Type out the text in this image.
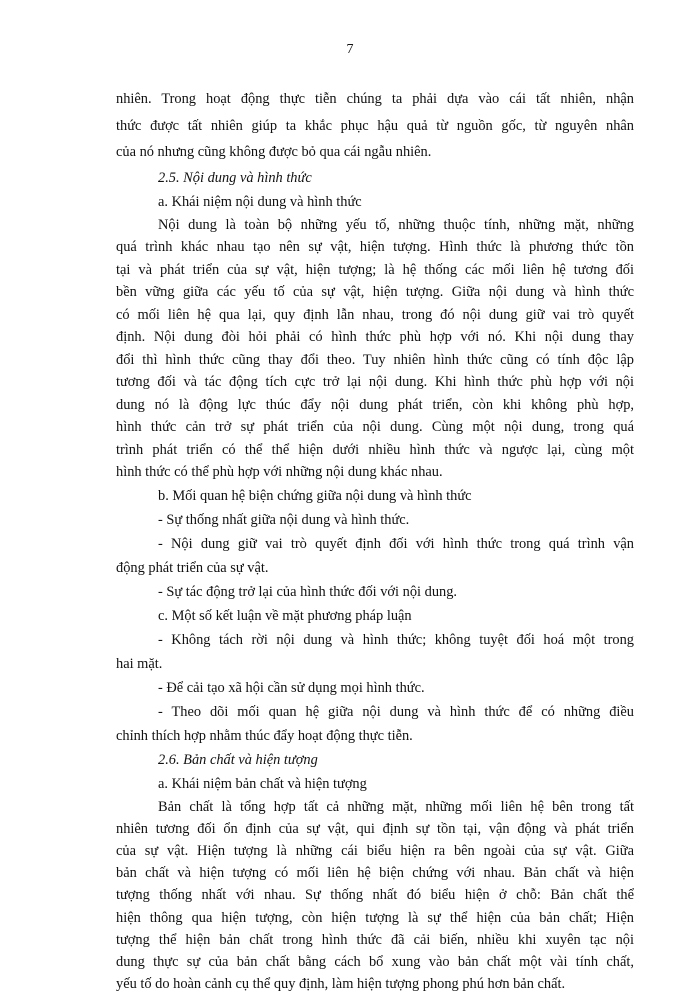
7

nhiên. Trong hoạt động thực tiễn chúng ta phải dựa vào cái tất nhiên, nhận
thức được tất nhiên giúp ta khắc phục hậu quả từ nguồn gốc, từ nguyên nhân
của nó nhưng cũng không được bỏ qua cái ngẫu nhiên.

2.5. Nội dung và hình thức

a. Khái niệm nội dung và hình thức

Nội dung là toàn bộ những yếu tố, những thuộc tính, những mặt, những
quá trình khác nhau tạo nên sự vật, hiện tượng. Hình thức là phương thức tồn
tại và phát triển của sự vật, hiện tượng; là hệ thống các mối liên hệ tương đối
bền vững giữa các yếu tố của sự vật, hiện tượng. Giữa nội dung và hình thức
có mối liên hệ qua lại, quy định lẫn nhau, trong đó nội dung giữ vai trò quyết
định. Nội dung đòi hỏi phải có hình thức phù hợp với nó. Khi nội dung thay
đổi thì hình thức cũng thay đổi theo. Tuy nhiên hình thức cũng có tính độc lập
tương đối và tác động tích cực trở lại nội dung. Khi hình thức phù hợp với nội
dung nó là động lực thúc đẩy nội dung phát triển, còn khi không phù hợp,
hình thức cản trở sự phát triển của nội dung. Cùng một nội dung, trong quá
trình phát triển có thể thể hiện dưới nhiều hình thức và ngược lại, cùng một
hình thức có thể phù hợp với những nội dung khác nhau.

b. Mối quan hệ biện chứng giữa nội dung và hình thức

- Sự thống nhất giữa nội dung và hình thức.

- Nội dung giữ vai trò quyết định đối với hình thức trong quá trình vận
động phát triển của sự vật.

- Sự tác động trở lại của hình thức đối với nội dung.

c. Một số kết luận về mặt phương pháp luận

- Không tách rời nội dung và hình thức; không tuyệt đối hoá một trong
hai mặt.

- Để cải tạo xã hội cần sử dụng mọi hình thức.

- Theo dõi mối quan hệ giữa nội dung và hình thức để có những điều
chỉnh thích hợp nhằm thúc đẩy hoạt động thực tiễn.

2.6. Bản chất và hiện tượng

a. Khái niệm bản chất và hiện tượng

Bản chất là tổng hợp tất cả những mặt, những mối liên hệ bên trong tất
nhiên tương đối ổn định của sự vật, qui định sự tồn tại, vận động và phát triển
của sự vật. Hiện tượng là những cái biểu hiện ra bên ngoài của sự vật. Giữa
bản chất và hiện tượng có mối liên hệ biện chứng với nhau. Bản chất và hiện
tượng thống nhất với nhau. Sự thống nhất đó biểu hiện ở chỗ: Bản chất thể
hiện thông qua hiện tượng, còn hiện tượng là sự thể hiện của bản chất; Hiện
tượng thể hiện bản chất trong hình thức đã cải biến, nhiều khi xuyên tạc nội
dung thực sự của bản chất bằng cách bổ xung vào bản chất một vài tính chất,
yếu tố do hoàn cảnh cụ thể quy định, làm hiện tượng phong phú hơn bản chất.
